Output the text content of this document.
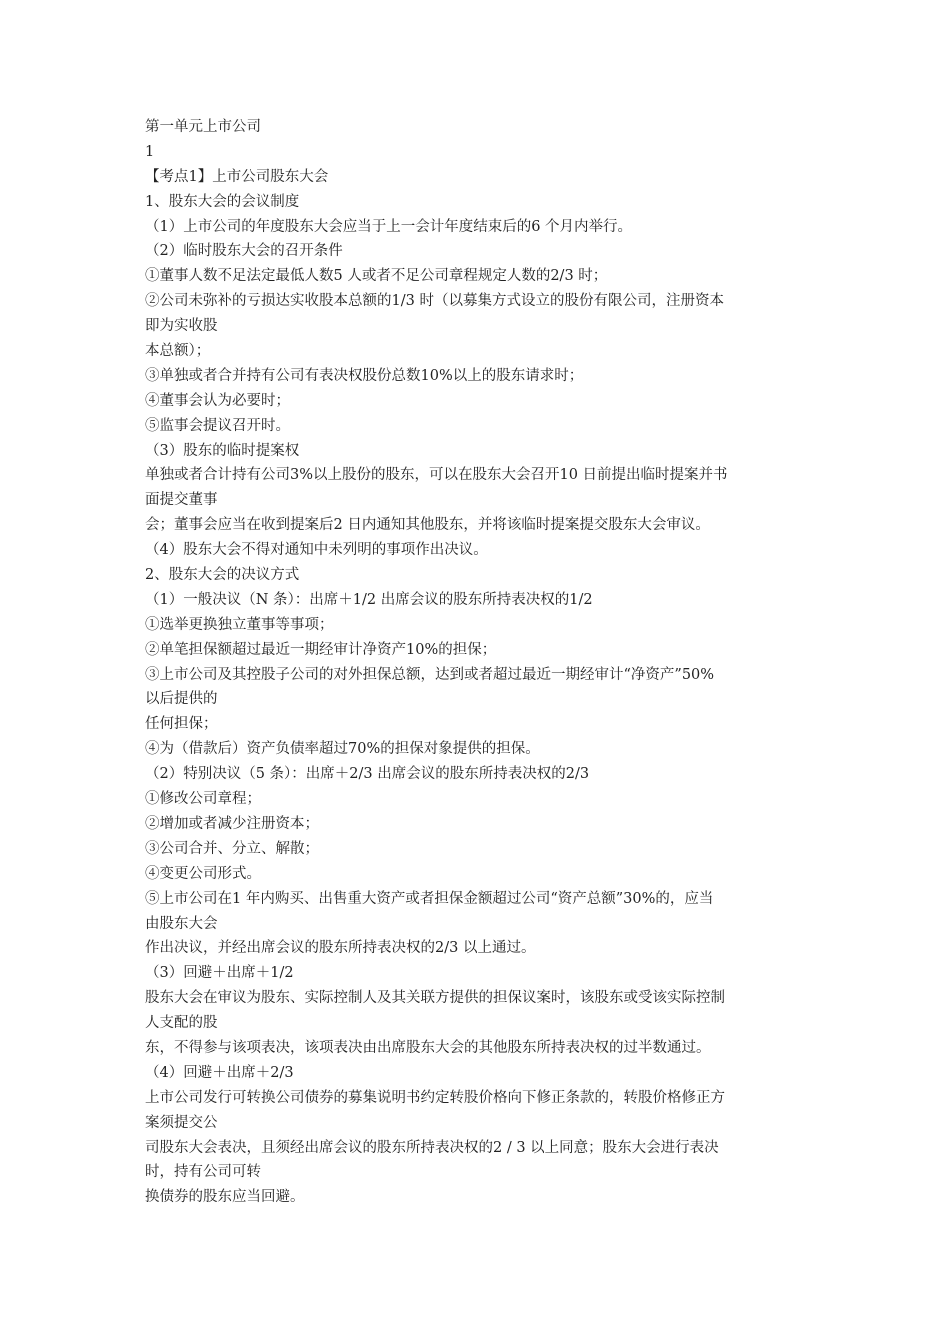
第一单元上市公司
1
【考点1】上市公司股东大会
1、股东大会的会议制度
（1）上市公司的年度股东大会应当于上一会计年度结束后的6 个月内举行。
（2）临时股东大会的召开条件
①董事人数不足法定最低人数5 人或者不足公司章程规定人数的2/3 时；
②公司未弥补的亏损达实收股本总额的1/3 时（以募集方式设立的股份有限公司，注册资本
即为实收股
本总额）；
③单独或者合并持有公司有表决权股份总数10%以上的股东请求时；
④董事会认为必要时；
⑤监事会提议召开时。
（3）股东的临时提案权
单独或者合计持有公司3%以上股份的股东，可以在股东大会召开10 日前提出临时提案并书
面提交董事
会；董事会应当在收到提案后2 日内通知其他股东，并将该临时提案提交股东大会审议。
（4）股东大会不得对通知中未列明的事项作出决议。
2、股东大会的决议方式
（1）一般决议（N 条）：出席＋1/2 出席会议的股东所持表决权的1/2
①选举更换独立董事等事项；
②单笔担保额超过最近一期经审计净资产10%的担保；
③上市公司及其控股子公司的对外担保总额，达到或者超过最近一期经审计“净资产”50%
以后提供的
任何担保；
④为（借款后）资产负债率超过70%的担保对象提供的担保。
（2）特别决议（5 条）：出席＋2/3 出席会议的股东所持表决权的2/3
①修改公司章程；
②增加或者减少注册资本；
③公司合并、分立、解散；
④变更公司形式。
⑤上市公司在1 年内购买、出售重大资产或者担保金额超过公司“资产总额”30%的，应当
由股东大会
作出决议，并经出席会议的股东所持表决权的2/3 以上通过。
（3）回避＋出席＋1/2
股东大会在审议为股东、实际控制人及其关联方提供的担保议案时，该股东或受该实际控制
人支配的股
东，不得参与该项表决，该项表决由出席股东大会的其他股东所持表决权的过半数通过。
（4）回避＋出席＋2/3
上市公司发行可转换公司债券的募集说明书约定转股价格向下修正条款的，转股价格修正方
案须提交公
司股东大会表决，且须经出席会议的股东所持表决权的2 / 3 以上同意；股东大会进行表决
时，持有公司可转
换债券的股东应当回避。
